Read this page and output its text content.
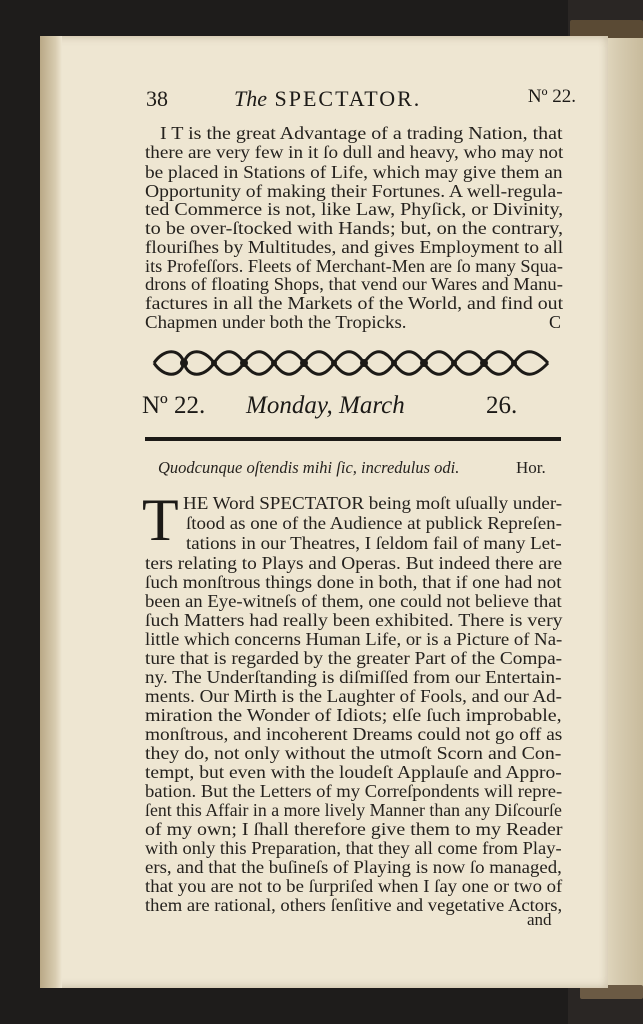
38	The SPECTATOR.	Nº 22.
I T is the great Advantage of a trading Nation, that
there are very few in it ſo dull and heavy, who may not
be placed in Stations of Life, which may give them an
Opportunity of making their Fortunes. A well-regula-
ted Commerce is not, like Law, Phyſick, or Divinity,
to be over-ſtocked with Hands; but, on the contrary,
flouriſhes by Multitudes, and gives Employment to all
its Profeſſors. Fleets of Merchant-Men are ſo many Squa-
drons of floating Shops, that vend our Wares and Manu-
factures in all the Markets of the World, and find out
Chapmen under both the Tropicks.	C
Nº 22. Monday, March	26.
Quodcunque oſtendis mihi ſic, incredulus odi.	Hor.
T HE Word SPECTATOR being moſt uſually under-
ſtood as one of the Audience at publick Repreſen-
tations in our Theatres, I ſeldom fail of many Let-
ters relating to Plays and Operas. But indeed there are
ſuch monſtrous things done in both, that if one had not
been an Eye-witneſs of them, one could not believe that
ſuch Matters had really been exhibited. There is very
little which concerns Human Life, or is a Picture of Na-
ture that is regarded by the greater Part of the Compa-
ny. The Underſtanding is diſmiſſed from our Entertain-
ments. Our Mirth is the Laughter of Fools, and our Ad-
miration the Wonder of Idiots; elſe ſuch improbable,
monſtrous, and incoherent Dreams could not go off as
they do, not only without the utmoſt Scorn and Con-
tempt, but even with the loudeſt Applauſe and Appro-
bation. But the Letters of my Correſpondents will repre-
ſent this Affair in a more lively Manner than any Diſcourſe
of my own; I ſhall therefore give them to my Reader
with only this Preparation, that they all come from Play-
ers, and that the buſineſs of Playing is now ſo managed,
that you are not to be ſurpriſed when I ſay one or two of
them are rational, others ſenſitive and vegetative Actors,
and
